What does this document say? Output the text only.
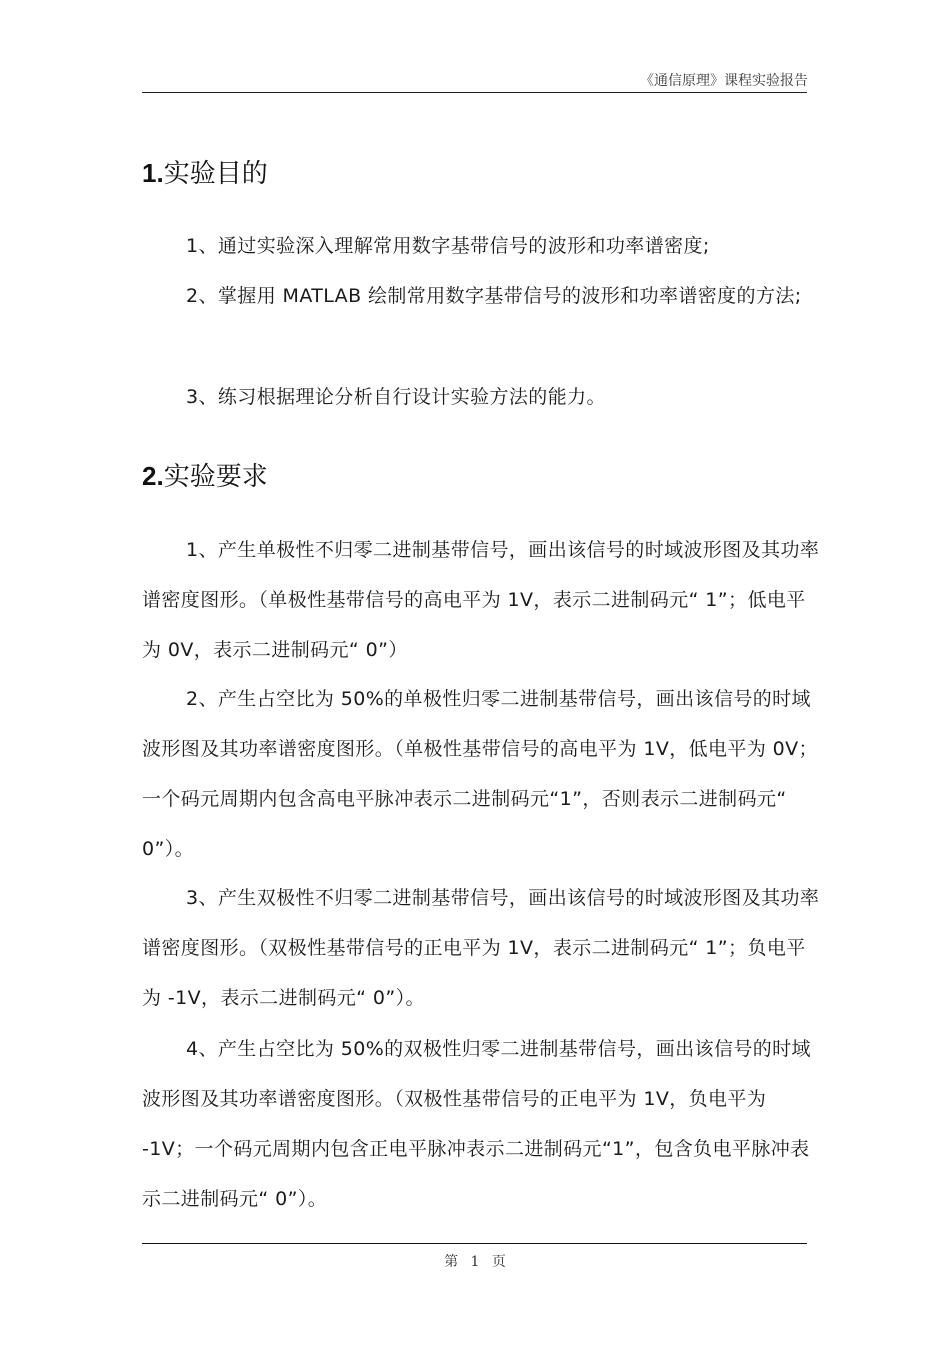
《通信原理》课程实验报告
1.实验目的
1、通过实验深入理解常用数字基带信号的波形和功率谱密度;
2、掌握用 MATLAB 绘制常用数字基带信号的波形和功率谱密度的方法;
3、练习根据理论分析自行设计实验方法的能力。
2.实验要求
1、产生单极性不归零二进制基带信号，画出该信号的时域波形图及其功率谱密度图形。（单极性基带信号的高电平为 1V，表示二进制码元“ 1”；低电平为 0V，表示二进制码元“ 0”）
2、产生占空比为 50%的单极性归零二进制基带信号，画出该信号的时域波形图及其功率谱密度图形。（单极性基带信号的高电平为 1V，低电平为 0V；一个码元周期内包含高电平脉冲表示二进制码元“1”，否则表示二进制码元“ 0”）。
3、产生双极性不归零二进制基带信号，画出该信号的时域波形图及其功率谱密度图形。（双极性基带信号的正电平为 1V，表示二进制码元“ 1”；负电平为 -1V，表示二进制码元“ 0”）。
4、产生占空比为 50%的双极性归零二进制基带信号，画出该信号的时域波形图及其功率谱密度图形。（双极性基带信号的正电平为 1V，负电平为 -1V；一个码元周期内包含正电平脉冲表示二进制码元“1”，包含负电平脉冲表示二进制码元“ 0”）。
第 1 页
